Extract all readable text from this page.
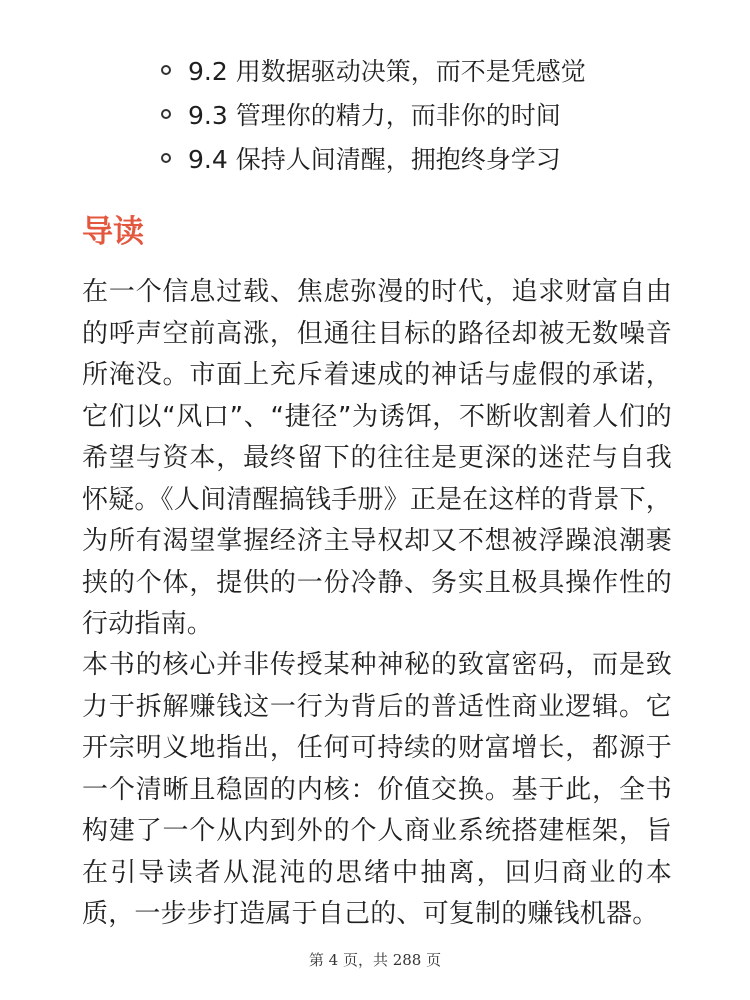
9.2 用数据驱动决策，而不是凭感觉
9.3 管理你的精力，而非你的时间
9.4 保持人间清醒，拥抱终身学习
导读

在一个信息过载、焦虑弥漫的时代，追求财富自由的呼声空前高涨，但通往目标的路径却被无数噪音所淹没。市面上充斥着速成的神话与虚假的承诺，它们以“风口”、“捷径”为诱饵，不断收割着人们的希望与资本，最终留下的往往是更深的迷茫与自我怀疑。《人间清醒搞钱手册》正是在这样的背景下，为所有渴望掌握经济主导权却又不想被浮躁浪潮裹挟的个体，提供的一份冷静、务实且极具操作性的行动指南。

本书的核心并非传授某种神秘的致富密码，而是致力于拆解赚钱这一行为背后的普适性商业逻辑。它开宗明义地指出，任何可持续的财富增长，都源于一个清晰且稳固的内核：价值交换。基于此，全书构建了一个从内到外的个人商业系统搭建框架，旨在引导读者从混沌的思绪中抽离，回归商业的本质，一步步打造属于自己的、可复制的赚钱机器。

第 4 页，共 288 页
